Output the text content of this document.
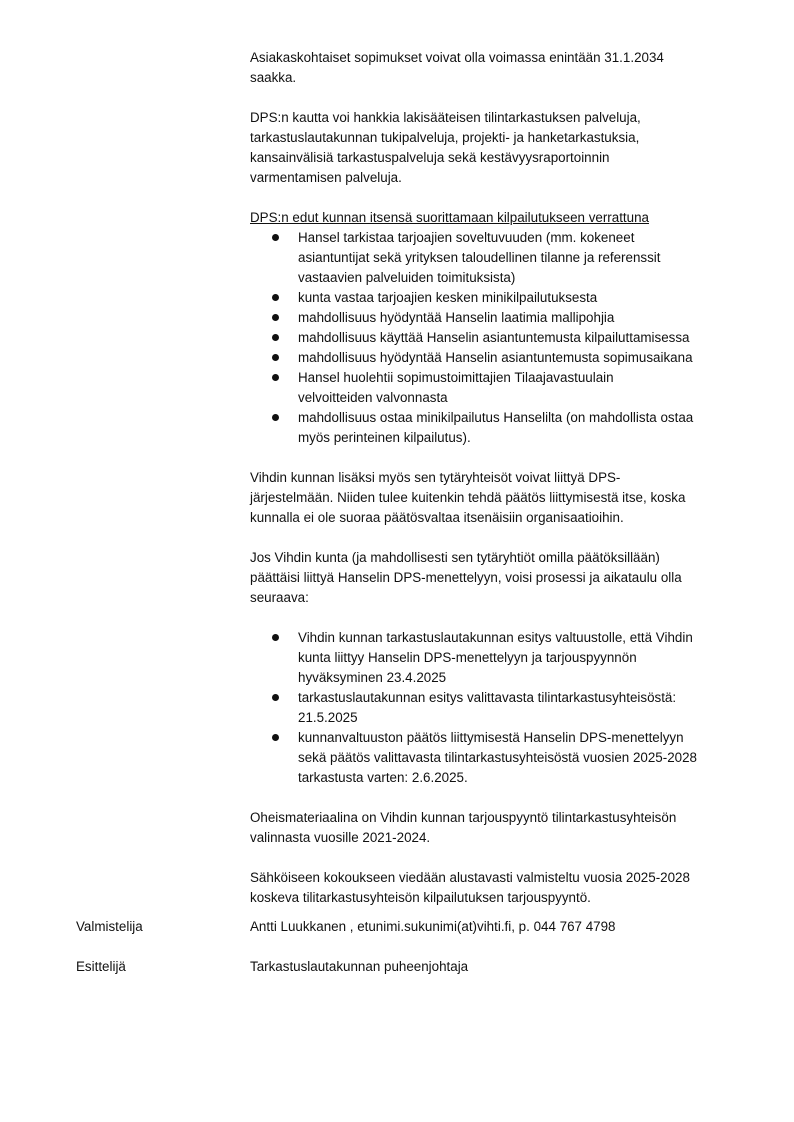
Asiakaskohtaiset sopimukset voivat olla voimassa enintään 31.1.2034

saakka.

DPS:n kautta voi hankkia lakisääteisen tilintarkastuksen palveluja,

tarkastuslautakunnan tukipalveluja, projekti- ja hanketarkastuksia,

kansainvälisiä tarkastuspalveluja sekä kestävyysraportoinnin

varmentamisen palveluja.

DPS:n edut kunnan itsensä suorittamaan kilpailutukseen verrattuna

Hansel tarkistaa tarjoajien soveltuvuuden (mm. kokeneet
asiantuntijat sekä yrityksen taloudellinen tilanne ja referenssit
vastaavien palveluiden toimituksista)
kunta vastaa tarjoajien kesken minikilpailutuksesta
mahdollisuus hyödyntää Hanselin laatimia mallipohjia
mahdollisuus käyttää Hanselin asiantuntemusta kilpailuttamisessa
mahdollisuus hyödyntää Hanselin asiantuntemusta sopimusaikana
Hansel huolehtii sopimustoimittajien Tilaajavastuulain
velvoitteiden valvonnasta
mahdollisuus ostaa minikilpailutus Hanselilta (on mahdollista ostaa
myös perinteinen kilpailutus).

Vihdin kunnan lisäksi myös sen tytäryhteisöt voivat liittyä DPS-

järjestelmään. Niiden tulee kuitenkin tehdä päätös liittymisestä itse, koska

kunnalla ei ole suoraa päätösvaltaa itsenäisiin organisaatioihin.

Jos Vihdin kunta (ja mahdollisesti sen tytäryhtiöt omilla päätöksillään)

päättäisi liittyä Hanselin DPS-menettelyyn, voisi prosessi ja aikataulu olla

seuraava:

Vihdin kunnan tarkastuslautakunnan esitys valtuustolle, että Vihdin
kunta liittyy Hanselin DPS-menettelyyn ja tarjouspyynnön
hyväksyminen 23.4.2025
tarkastuslautakunnan esitys valittavasta tilintarkastusyhteisöstä:
21.5.2025
kunnanvaltuuston päätös liittymisestä Hanselin DPS-menettelyyn
sekä päätös valittavasta tilintarkastusyhteisöstä vuosien 2025-2028
tarkastusta varten: 2.6.2025.

Oheismateriaalina on Vihdin kunnan tarjouspyyntö tilintarkastusyhteisön

valinnasta vuosille 2021-2024.

Sähköiseen kokoukseen viedään alustavasti valmisteltu vuosia 2025-2028

koskeva tilitarkastusyhteisön kilpailutuksen tarjouspyyntö.

Valmistelija	Antti Luukkanen , etunimi.sukunimi(at)vihti.fi, p. 044 767 4798
Esittelijä	Tarkastuslautakunnan puheenjohtaja
